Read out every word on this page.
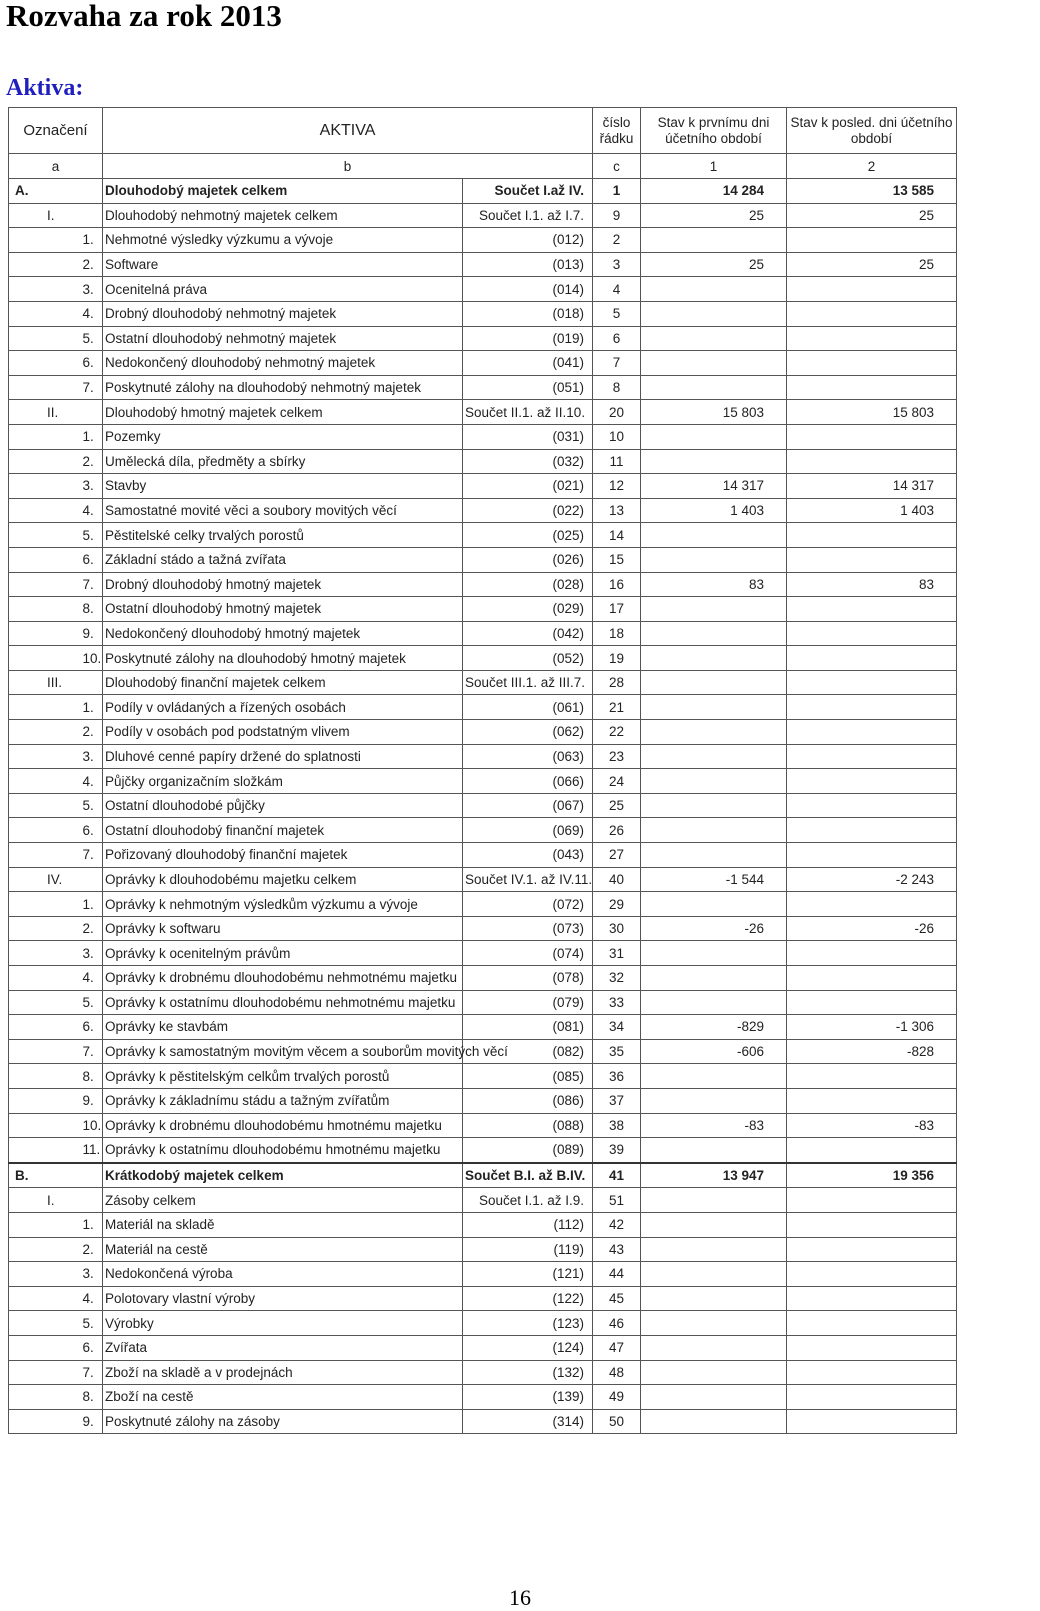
Rozvaha za rok 2013
Aktiva:
Označení		AKTIVA		číslo řádku	Stav k prvnímu dni účetního období	Stav k posled. dni účetního období
a		b		c	1	2
A.		Dlouhodobý majetek celkem	Součet I.až IV.	1	14 284	13 585
I.		Dlouhodobý nehmotný majetek celkem	Součet I.1. až I.7.	9	25	25
	1.	Nehmotné výsledky výzkumu a vývoje	(012)	2		
	2.	Software	(013)	3	25	25
	3.	Ocenitelná práva	(014)	4		
	4.	Drobný dlouhodobý nehmotný majetek	(018)	5		
	5.	Ostatní dlouhodobý nehmotný majetek	(019)	6		
	6.	Nedokončený dlouhodobý nehmotný majetek	(041)	7		
	7.	Poskytnuté zálohy na dlouhodobý nehmotný majetek	(051)	8		
II.		Dlouhodobý hmotný majetek celkem	Součet II.1. až II.10.	20	15 803	15 803
	1.	Pozemky	(031)	10		
	2.	Umělecká díla, předměty a sbírky	(032)	11		
	3.	Stavby	(021)	12	14 317	14 317
	4.	Samostatné movité věci a soubory movitých věcí	(022)	13	1 403	1 403
	5.	Pěstitelské celky trvalých porostů	(025)	14		
	6.	Základní stádo a tažná zvířata	(026)	15		
	7.	Drobný dlouhodobý hmotný majetek	(028)	16	83	83
	8.	Ostatní dlouhodobý hmotný majetek	(029)	17		
	9.	Nedokončený dlouhodobý hmotný majetek	(042)	18		
	10.	Poskytnuté zálohy na dlouhodobý hmotný majetek	(052)	19		
III.		Dlouhodobý finanční majetek celkem	Součet III.1. až III.7.	28		
	1.	Podíly v ovládaných a řízených osobách	(061)	21		
	2.	Podíly v osobách pod podstatným vlivem	(062)	22		
	3.	Dluhové cenné papíry držené do splatnosti	(063)	23		
	4.	Půjčky organizačním složkám	(066)	24		
	5.	Ostatní dlouhodobé půjčky	(067)	25		
	6.	Ostatní dlouhodobý finanční majetek	(069)	26		
	7.	Pořizovaný dlouhodobý finanční majetek	(043)	27		
IV.		Oprávky k dlouhodobému majetku celkem	Součet IV.1. až IV.11.	40	-1 544	-2 243
	1.	Oprávky k nehmotným výsledkům výzkumu a vývoje	(072)	29		
	2.	Oprávky k softwaru	(073)	30	-26	-26
	3.	Oprávky k ocenitelným právům	(074)	31		
	4.	Oprávky k drobnému dlouhodobému nehmotnému majetku	(078)	32		
	5.	Oprávky k ostatnímu dlouhodobému nehmotnému majetku	(079)	33		
	6.	Oprávky ke stavbám	(081)	34	-829	-1 306
	7.	Oprávky k samostatným movitým věcem a souborům movitých věcí	(082)	35	-606	-828
	8.	Oprávky k pěstitelským celkům trvalých porostů	(085)	36		
	9.	Oprávky k základnímu stádu a tažným zvířatům	(086)	37		
	10.	Oprávky k drobnému dlouhodobému hmotnému majetku	(088)	38	-83	-83
	11.	Oprávky k ostatnímu dlouhodobému hmotnému majetku	(089)	39		
B.		Krátkodobý majetek celkem	Součet B.I. až B.IV.	41	13 947	19 356
I.		Zásoby celkem	Součet I.1. až I.9.	51		
	1.	Materiál na skladě	(112)	42		
	2.	Materiál na cestě	(119)	43		
	3.	Nedokončená výroba	(121)	44		
	4.	Polotovary vlastní výroby	(122)	45		
	5.	Výrobky	(123)	46		
	6.	Zvířata	(124)	47		
	7.	Zboží na skladě a v prodejnách	(132)	48		
	8.	Zboží na cestě	(139)	49		
	9.	Poskytnuté zálohy na zásoby	(314)	50		
16
